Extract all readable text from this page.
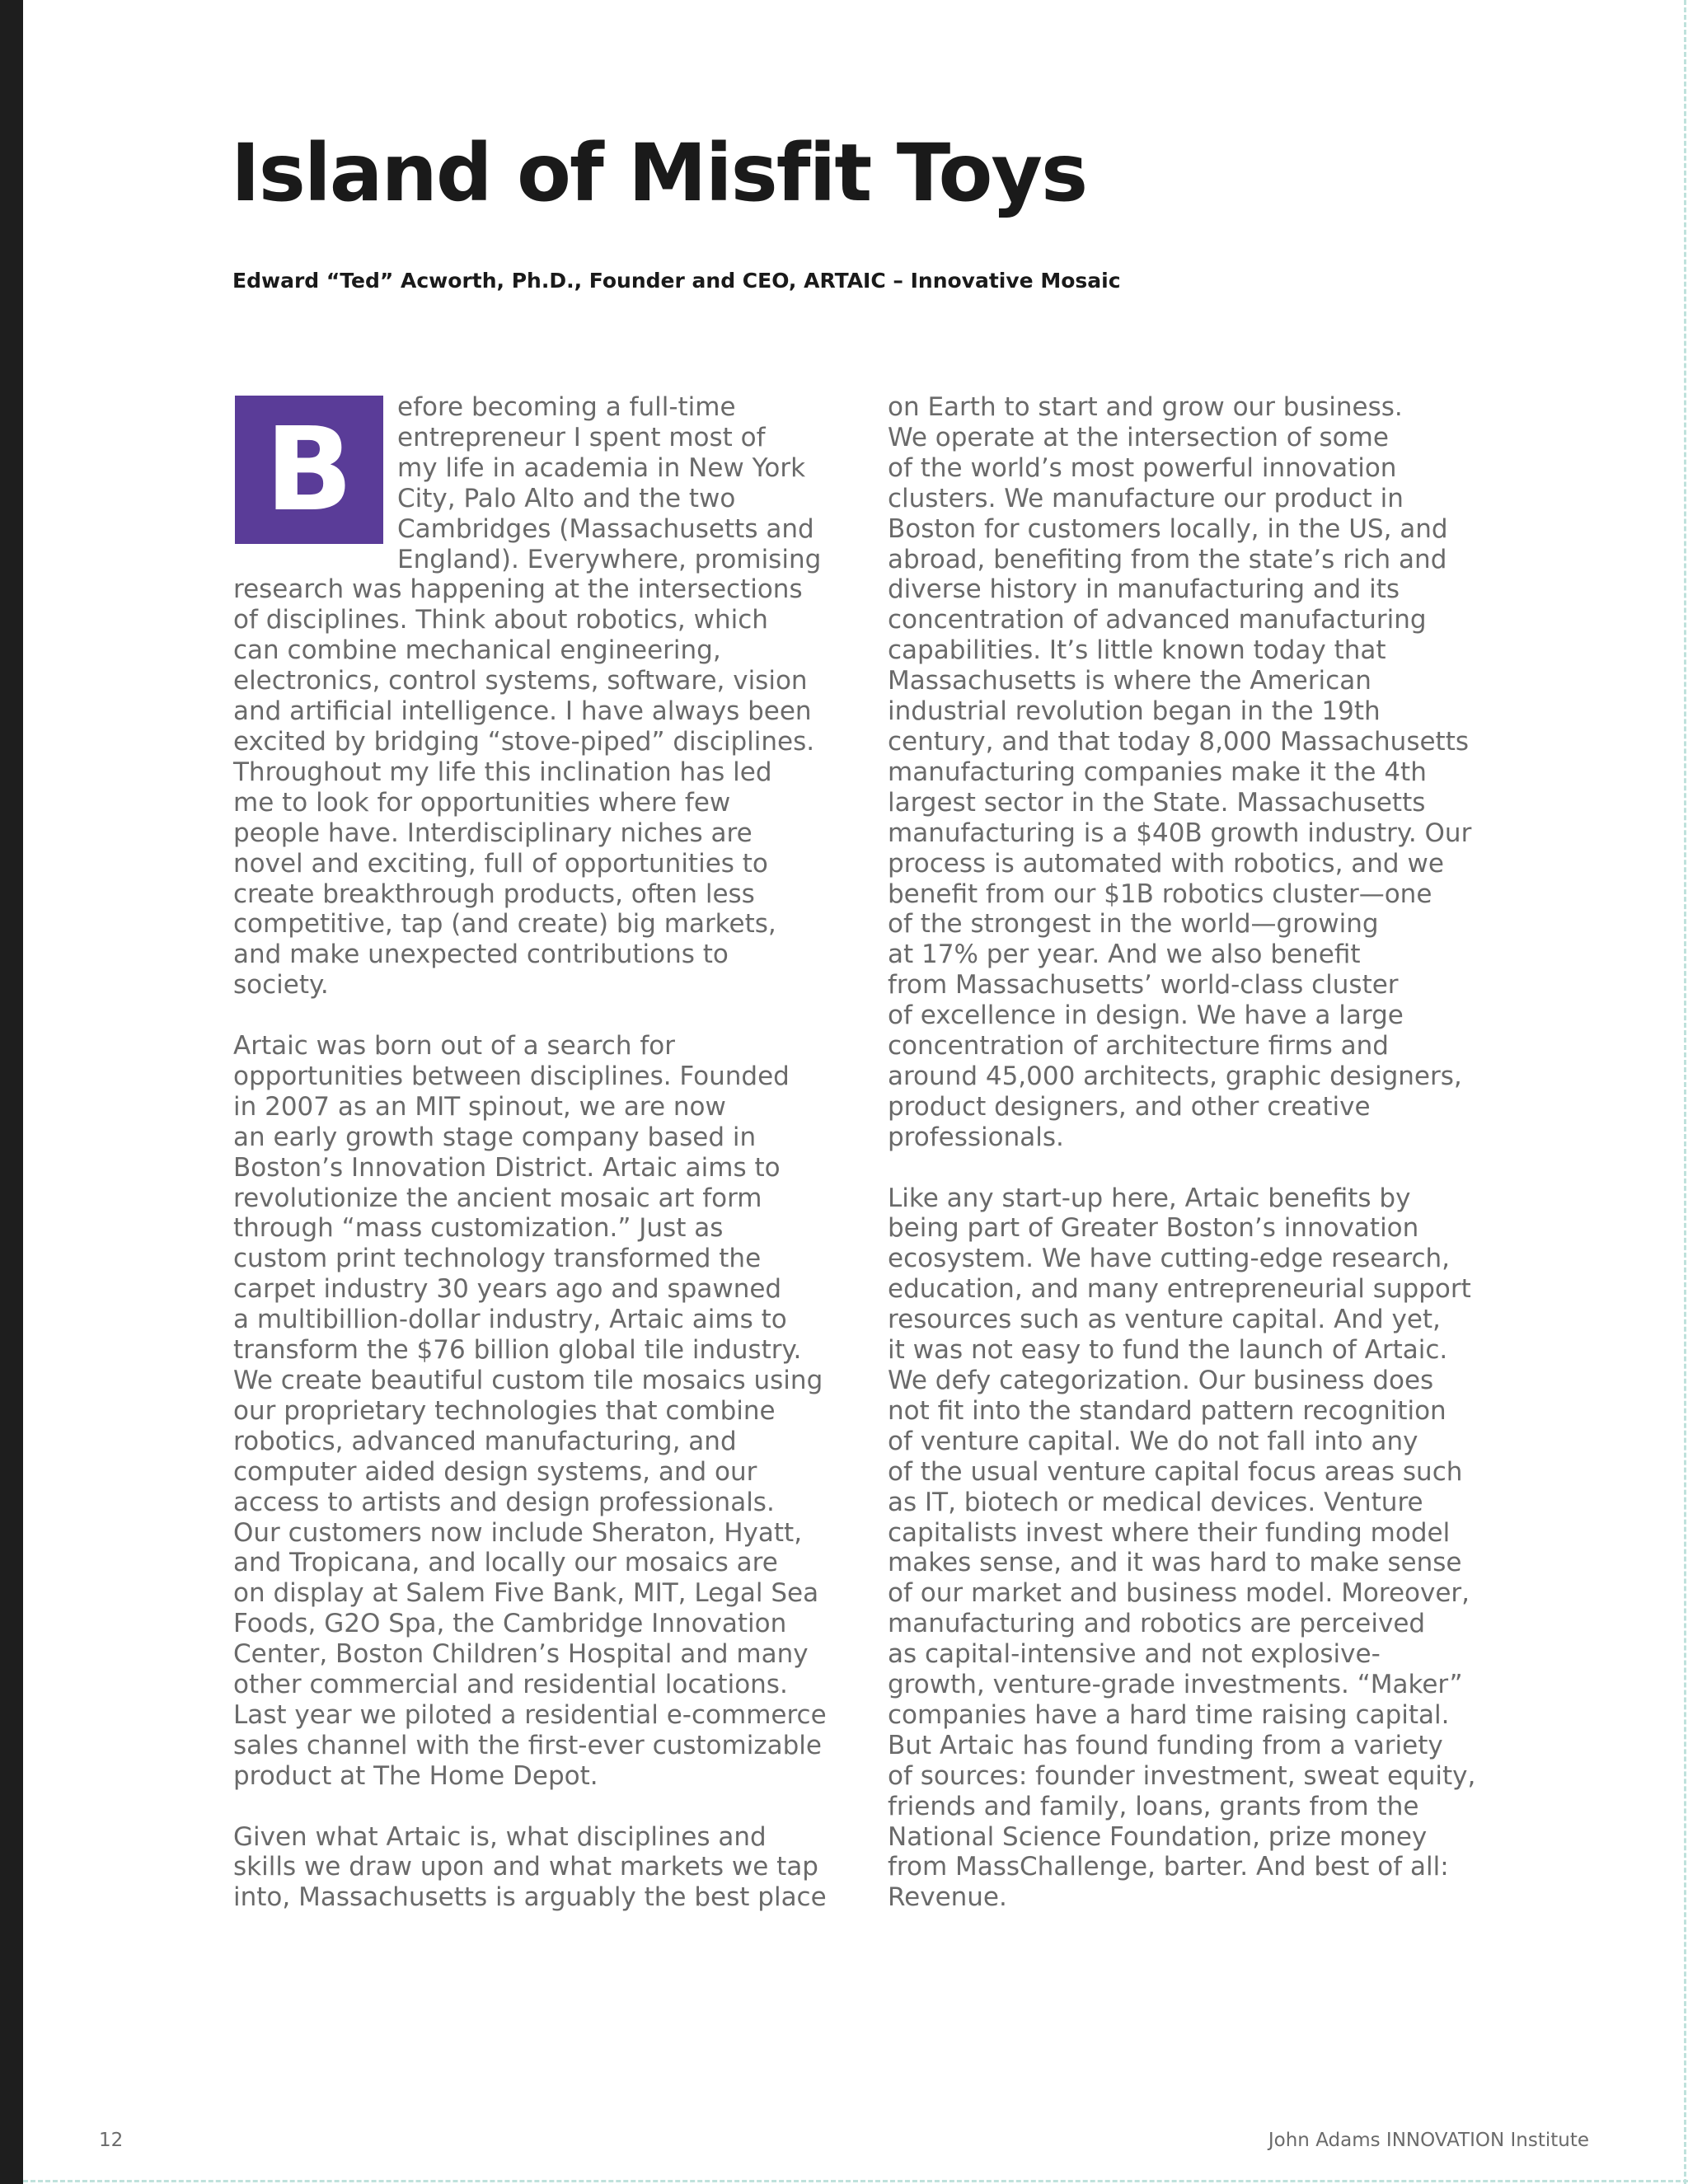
Island of Misfit Toys

Edward “Ted” Acworth, Ph.D., Founder and CEO, ARTAIC – Innovative Mosaic

B	efore becoming a full-time
entrepreneur I spent most of
my life in academia in New York
City, Palo Alto and the two
Cambridges (Massachusetts and
England). Everywhere, promising
research was happening at the intersections
of disciplines. Think about robotics, which
can combine mechanical engineering,
electronics, control systems, software, vision
and artificial intelligence. I have always been
excited by bridging “stove-piped” disciplines.
Throughout my life this inclination has led
me to look for opportunities where few
people have. Interdisciplinary niches are
novel and exciting, full of opportunities to
create breakthrough products, often less
competitive, tap (and create) big markets,
and make unexpected contributions to
society.
Artaic was born out of a search for
opportunities between disciplines. Founded
in 2007 as an MIT spinout, we are now
an early growth stage company based in
Boston’s Innovation District. Artaic aims to
revolutionize the ancient mosaic art form
through “mass customization.” Just as
custom print technology transformed the
carpet industry 30 years ago and spawned
a multibillion-dollar industry, Artaic aims to
transform the $76 billion global tile industry.
We create beautiful custom tile mosaics using
our proprietary technologies that combine
robotics, advanced manufacturing, and
computer aided design systems, and our
access to artists and design professionals.
Our customers now include Sheraton, Hyatt,
and Tropicana, and locally our mosaics are
on display at Salem Five Bank, MIT, Legal Sea
Foods, G2O Spa, the Cambridge Innovation
Center, Boston Children’s Hospital and many
other commercial and residential locations.
Last year we piloted a residential e-commerce
sales channel with the first-ever customizable
product at The Home Depot.
Given what Artaic is, what disciplines and
skills we draw upon and what markets we tap
into, Massachusetts is arguably the best place
on Earth to start and grow our business.
We operate at the intersection of some
of the world’s most powerful innovation
clusters. We manufacture our product in
Boston for customers locally, in the US, and
abroad, benefiting from the state’s rich and
diverse history in manufacturing and its
concentration of advanced manufacturing
capabilities. It’s little known today that
Massachusetts is where the American
industrial revolution began in the 19th
century, and that today 8,000 Massachusetts
manufacturing companies make it the 4th
largest sector in the State. Massachusetts
manufacturing is a $40B growth industry. Our
process is automated with robotics, and we
benefit from our $1B robotics cluster—one
of the strongest in the world—growing
at 17% per year. And we also benefit
from Massachusetts’ world-class cluster
of excellence in design. We have a large
concentration of architecture firms and
around 45,000 architects, graphic designers,
product designers, and other creative
professionals.
Like any start-up here, Artaic benefits by
being part of Greater Boston’s innovation
ecosystem. We have cutting-edge research,
education, and many entrepreneurial support
resources such as venture capital. And yet,
it was not easy to fund the launch of Artaic.
We defy categorization. Our business does
not fit into the standard pattern recognition
of venture capital. We do not fall into any
of the usual venture capital focus areas such
as IT, biotech or medical devices. Venture
capitalists invest where their funding model
makes sense, and it was hard to make sense
of our market and business model. Moreover,
manufacturing and robotics are perceived
as capital-intensive and not explosive-
growth, venture-grade investments. “Maker”
companies have a hard time raising capital.
But Artaic has found funding from a variety
of sources: founder investment, sweat equity,
friends and family, loans, grants from the
National Science Foundation, prize money
from MassChallenge, barter. And best of all:
Revenue.
12	John Adams INNOVATION Institute
